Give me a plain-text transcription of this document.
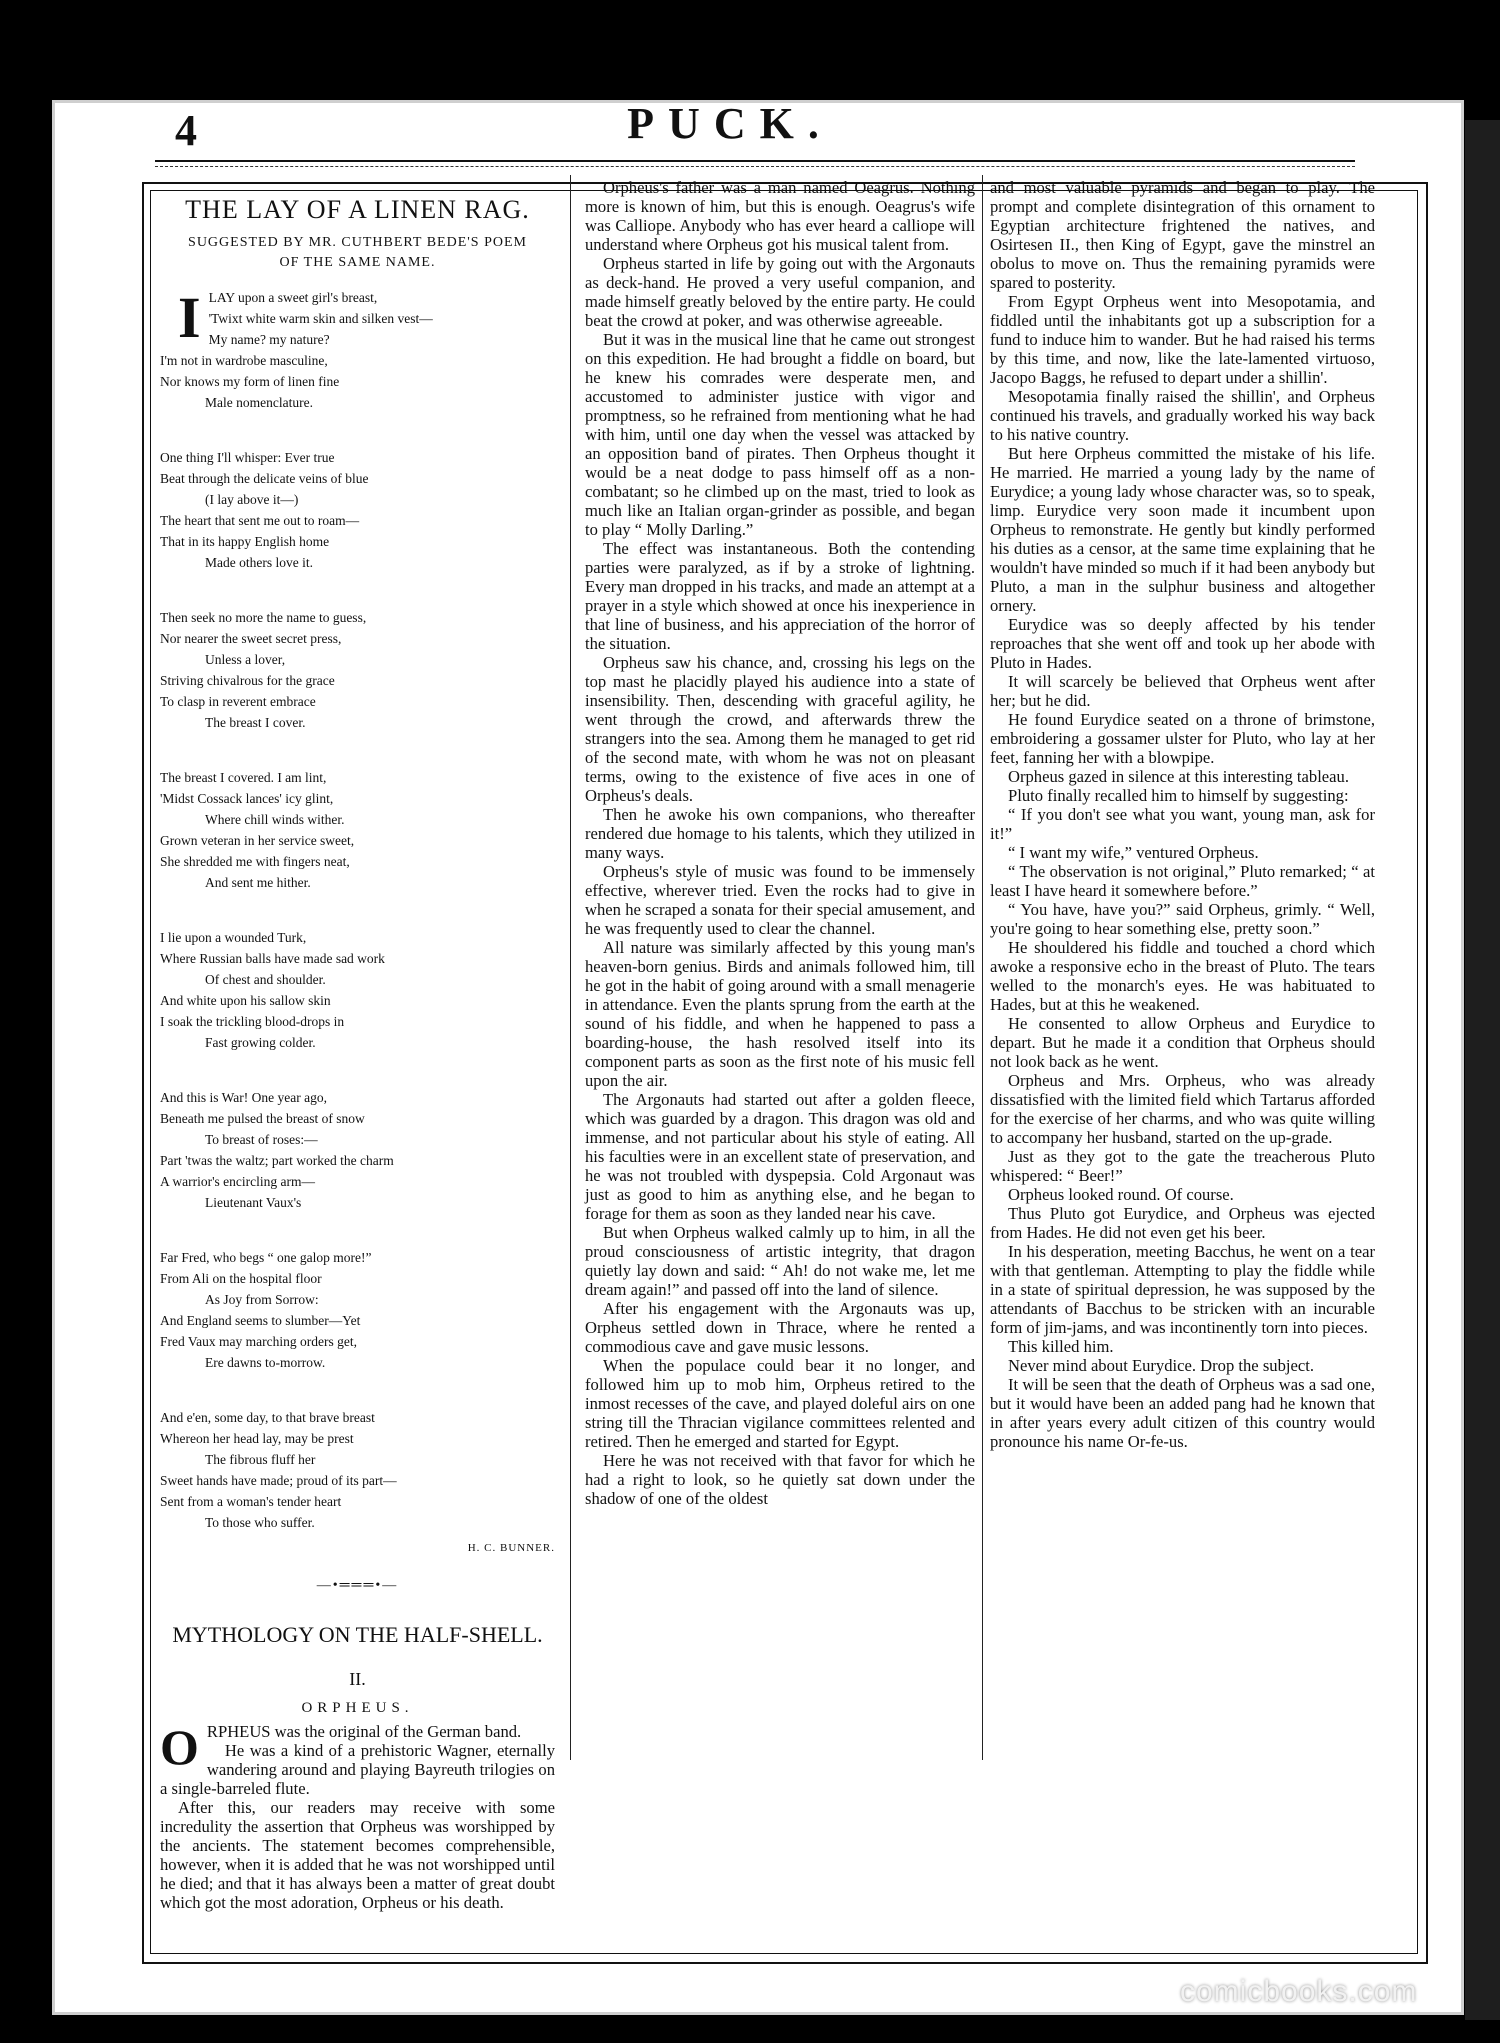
4	PUCK.
THE LAY OF A LINEN RAG.
SUGGESTED BY MR. CUTHBERT BEDE'S POEM
OF THE SAME NAME.
I LAY upon a sweet girl's breast,
'Twixt white warm skin and silken vest—
My name? my nature?
I'm not in wardrobe masculine,
Nor knows my form of linen fine
Male nomenclature.
One thing I'll whisper: Ever true
Beat through the delicate veins of blue
(I lay above it—)
The heart that sent me out to roam—
That in its happy English home
Made others love it.
Then seek no more the name to guess,
Nor nearer the sweet secret press,
Unless a lover,
Striving chivalrous for the grace
To clasp in reverent embrace
The breast I cover.
The breast I covered. I am lint,
'Midst Cossack lances' icy glint,
Where chill winds wither.
Grown veteran in her service sweet,
She shredded me with fingers neat,
And sent me hither.
I lie upon a wounded Turk,
Where Russian balls have made sad work
Of chest and shoulder.
And white upon his sallow skin
I soak the trickling blood-drops in
Fast growing colder.
And this is War! One year ago,
Beneath me pulsed the breast of snow
To breast of roses:—
Part 'twas the waltz; part worked the charm
A warrior's encircling arm—
Lieutenant Vaux's
Far Fred, who begs “ one galop more!”
From Ali on the hospital floor
As Joy from Sorrow:
And England seems to slumber—Yet
Fred Vaux may marching orders get,
Ere dawns to-morrow.
And e'en, some day, to that brave breast
Whereon her head lay, may be prest
The fibrous fluff her
Sweet hands have made; proud of its part—
Sent from a woman's tender heart
To those who suffer.
H. C. BUNNER.
—•═══•—
MYTHOLOGY ON THE HALF-SHELL.
II.
ORPHEUS.
O RPHEUS was the original of the German band.

He was a kind of a prehistoric Wagner, eternally wandering around and playing Bayreuth trilogies on a single-barreled flute.

After this, our readers may receive with some incredulity the assertion that Orpheus was worshipped by the ancients. The statement becomes comprehensible, however, when it is added that he was not worshipped until he died; and that it has always been a matter of great doubt which got the most adoration, Orpheus or his death.

Orpheus's father was a man named Oeagrus. Nothing more is known of him, but this is enough. Oeagrus's wife was Calliope. Anybody who has ever heard a calliope will understand where Orpheus got his musical talent from.

Orpheus started in life by going out with the Argonauts as deck-hand. He proved a very useful companion, and made himself greatly beloved by the entire party. He could beat the crowd at poker, and was otherwise agreeable.

But it was in the musical line that he came out strongest on this expedition. He had brought a fiddle on board, but he knew his comrades were desperate men, and accustomed to administer justice with vigor and promptness, so he refrained from mentioning what he had with him, until one day when the vessel was attacked by an opposition band of pirates. Then Orpheus thought it would be a neat dodge to pass himself off as a non-combatant; so he climbed up on the mast, tried to look as much like an Italian organ-grinder as possible, and began to play “ Molly Darling.”

The effect was instantaneous. Both the contending parties were paralyzed, as if by a stroke of lightning. Every man dropped in his tracks, and made an attempt at a prayer in a style which showed at once his inexperience in that line of business, and his appreciation of the horror of the situation.

Orpheus saw his chance, and, crossing his legs on the top mast he placidly played his audience into a state of insensibility. Then, descending with graceful agility, he went through the crowd, and afterwards threw the strangers into the sea. Among them he managed to get rid of the second mate, with whom he was not on pleasant terms, owing to the existence of five aces in one of Orpheus's deals.

Then he awoke his own companions, who thereafter rendered due homage to his talents, which they utilized in many ways.

Orpheus's style of music was found to be immensely effective, wherever tried. Even the rocks had to give in when he scraped a sonata for their special amusement, and he was frequently used to clear the channel.

All nature was similarly affected by this young man's heaven-born genius. Birds and animals followed him, till he got in the habit of going around with a small menagerie in attendance. Even the plants sprung from the earth at the sound of his fiddle, and when he happened to pass a boarding-house, the hash resolved itself into its component parts as soon as the first note of his music fell upon the air.

The Argonauts had started out after a golden fleece, which was guarded by a dragon. This dragon was old and immense, and not particular about his style of eating. All his faculties were in an excellent state of preservation, and he was not troubled with dyspepsia. Cold Argonaut was just as good to him as anything else, and he began to forage for them as soon as they landed near his cave.

But when Orpheus walked calmly up to him, in all the proud consciousness of artistic integrity, that dragon quietly lay down and said: “ Ah! do not wake me, let me dream again!” and passed off into the land of silence.

After his engagement with the Argonauts was up, Orpheus settled down in Thrace, where he rented a commodious cave and gave music lessons.

When the populace could bear it no longer, and followed him up to mob him, Orpheus retired to the inmost recesses of the cave, and played doleful airs on one string till the Thracian vigilance committees relented and retired. Then he emerged and started for Egypt.

Here he was not received with that favor for which he had a right to look, so he quietly sat down under the shadow of one of the oldest

and most valuable pyramids and began to play. The prompt and complete disintegration of this ornament to Egyptian architecture frightened the natives, and Osirtesen II., then King of Egypt, gave the minstrel an obolus to move on. Thus the remaining pyramids were spared to posterity.

From Egypt Orpheus went into Mesopotamia, and fiddled until the inhabitants got up a subscription for a fund to induce him to wander. But he had raised his terms by this time, and now, like the late-lamented virtuoso, Jacopo Baggs, he refused to depart under a shillin'.

Mesopotamia finally raised the shillin', and Orpheus continued his travels, and gradually worked his way back to his native country.

But here Orpheus committed the mistake of his life. He married. He married a young lady by the name of Eurydice; a young lady whose character was, so to speak, limp. Eurydice very soon made it incumbent upon Orpheus to remonstrate. He gently but kindly performed his duties as a censor, at the same time explaining that he wouldn't have minded so much if it had been anybody but Pluto, a man in the sulphur business and altogether ornery.

Eurydice was so deeply affected by his tender reproaches that she went off and took up her abode with Pluto in Hades.

It will scarcely be believed that Orpheus went after her; but he did.

He found Eurydice seated on a throne of brimstone, embroidering a gossamer ulster for Pluto, who lay at her feet, fanning her with a blowpipe.

Orpheus gazed in silence at this interesting tableau.

Pluto finally recalled him to himself by suggesting:

“ If you don't see what you want, young man, ask for it!”

“ I want my wife,” ventured Orpheus.

“ The observation is not original,” Pluto remarked; “ at least I have heard it somewhere before.”

“ You have, have you?” said Orpheus, grimly. “ Well, you're going to hear something else, pretty soon.”

He shouldered his fiddle and touched a chord which awoke a responsive echo in the breast of Pluto. The tears welled to the monarch's eyes. He was habituated to Hades, but at this he weakened.

He consented to allow Orpheus and Eurydice to depart. But he made it a condition that Orpheus should not look back as he went.

Orpheus and Mrs. Orpheus, who was already dissatisfied with the limited field which Tartarus afforded for the exercise of her charms, and who was quite willing to accompany her husband, started on the up-grade.

Just as they got to the gate the treacherous Pluto whispered: “ Beer!”

Orpheus looked round. Of course.

Thus Pluto got Eurydice, and Orpheus was ejected from Hades. He did not even get his beer.

In his desperation, meeting Bacchus, he went on a tear with that gentleman. Attempting to play the fiddle while in a state of spiritual depression, he was supposed by the attendants of Bacchus to be stricken with an incurable form of jim-jams, and was incontinently torn into pieces.

This killed him.

Never mind about Eurydice. Drop the subject.

It will be seen that the death of Orpheus was a sad one, but it would have been an added pang had he known that in after years every adult citizen of this country would pronounce his name Or-fe-us.

comicbooks.com
